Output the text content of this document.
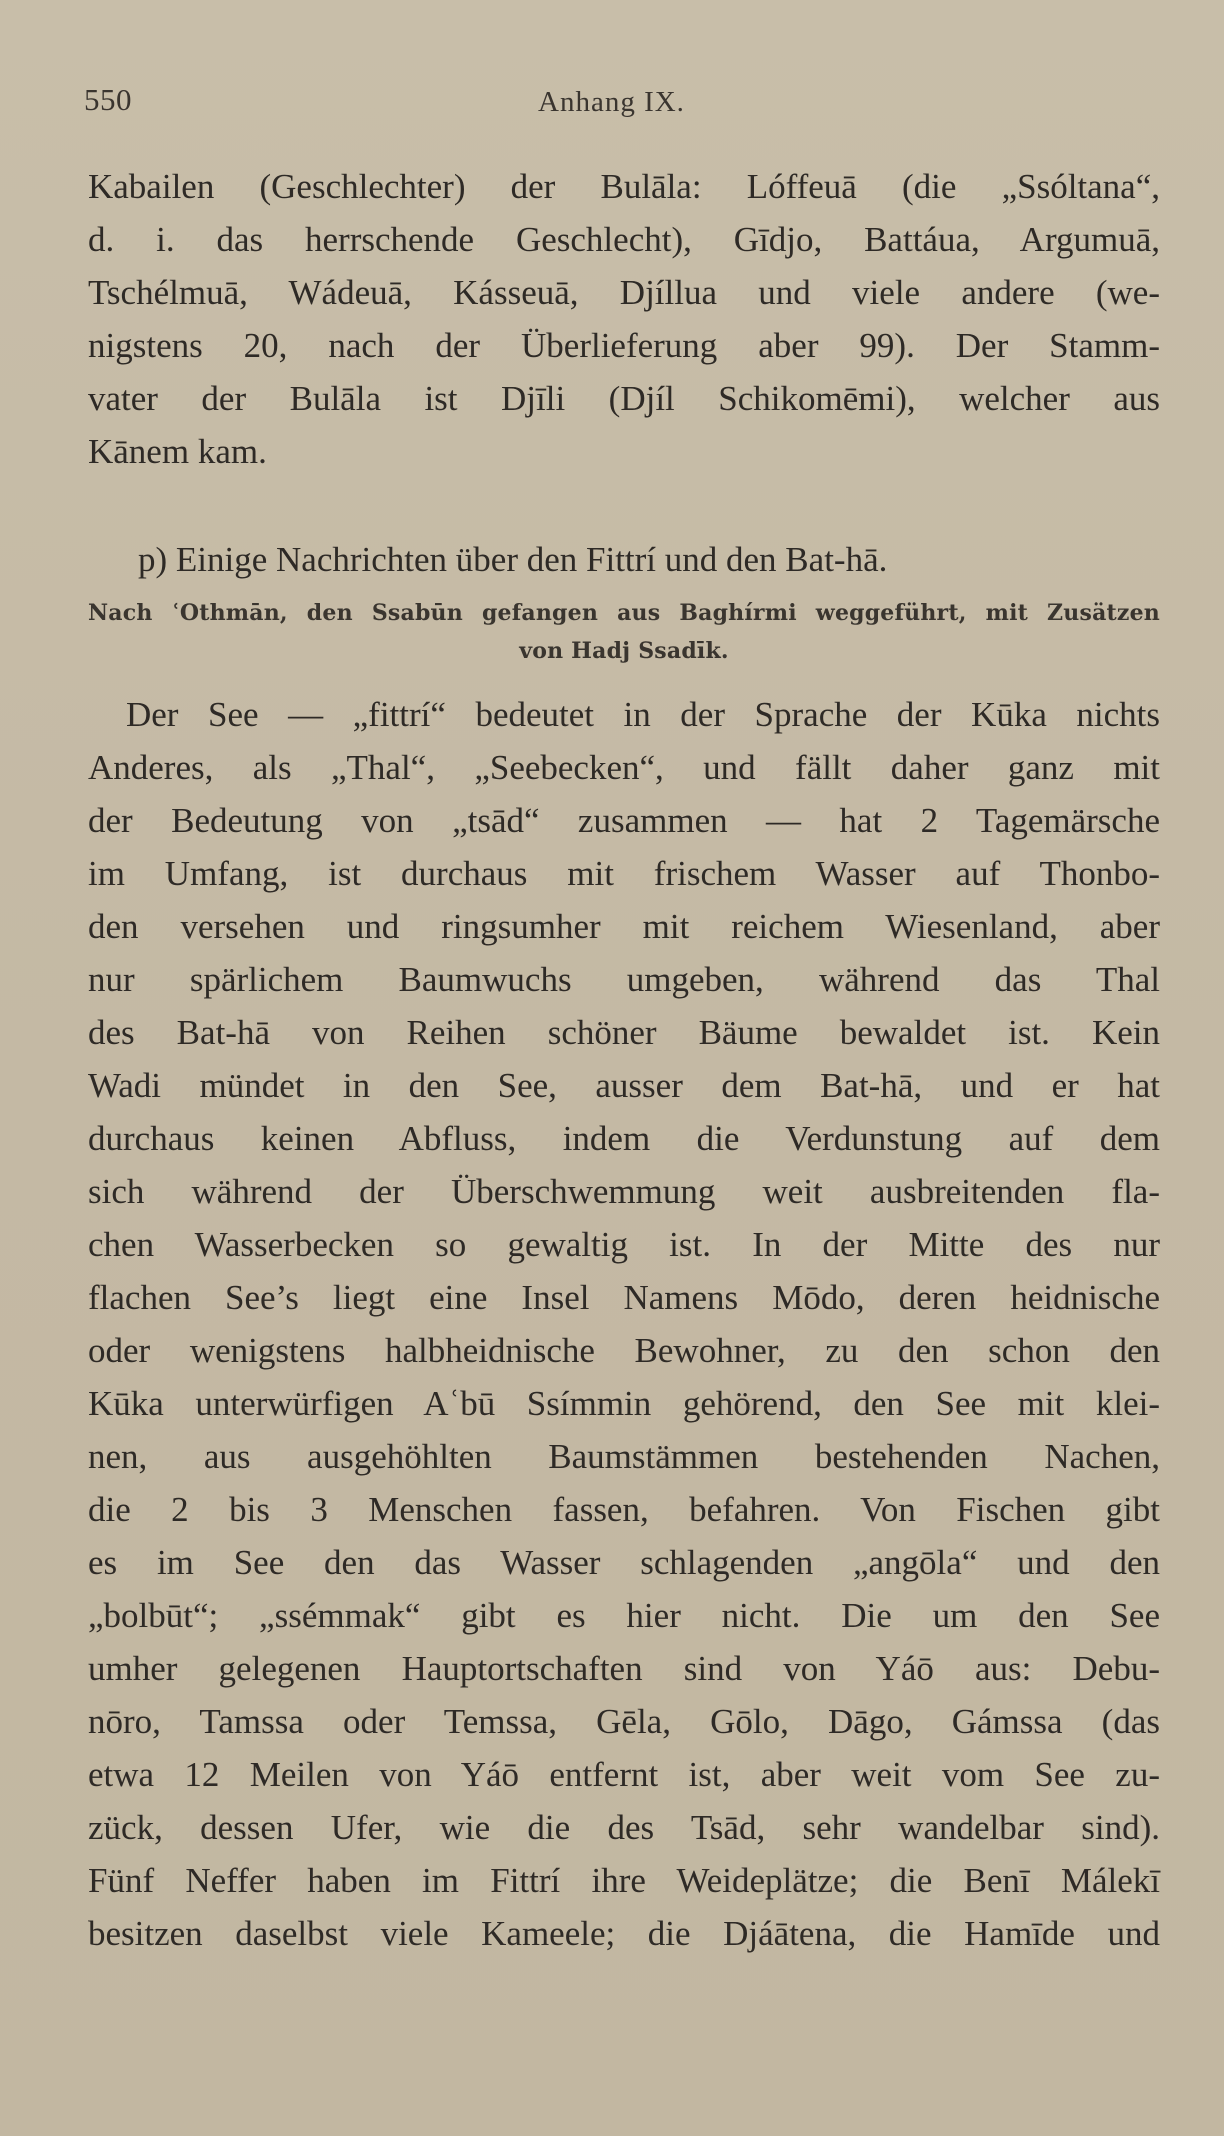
550	Anhang IX.
Kabailen (Geschlechter) der Bulāla: Lóffeuā (die „Ssóltana“,
d. i. das herrschende Geschlecht), Gīdjo, Battáua, Argumuā,
Tschélmuā, Wádeuā, Kásseuā, Djíllua und viele andere (we-
nigstens 20, nach der Überlieferung aber 99). Der Stamm-
vater der Bulāla ist Djīli (Djíl Schikomēmi), welcher aus
Kānem kam.
p) Einige Nachrichten über den Fittrí und den Bat-hā.
Nach ʿOthmān, den Ssabūn gefangen aus Baghírmi weggeführt, mit Zusätzen
von Hadj Ssadīk.
Der See — „fittrí“ bedeutet in der Sprache der Kūka nichts
Anderes, als „Thal“, „Seebecken“, und fällt daher ganz mit
der Bedeutung von „tsād“ zusammen — hat 2 Tagemärsche
im Umfang, ist durchaus mit frischem Wasser auf Thonbo-
den versehen und ringsumher mit reichem Wiesenland, aber
nur spärlichem Baumwuchs umgeben, während das Thal
des Bat-hā von Reihen schöner Bäume bewaldet ist. Kein
Wadi mündet in den See, ausser dem Bat-hā, und er hat
durchaus keinen Abfluss, indem die Verdunstung auf dem
sich während der Überschwemmung weit ausbreitenden fla-
chen Wasserbecken so gewaltig ist. In der Mitte des nur
flachen See’s liegt eine Insel Namens Mōdo, deren heidnische
oder wenigstens halbheidnische Bewohner, zu den schon den
Kūka unterwürfigen Aʿbū Ssímmin gehörend, den See mit klei-
nen, aus ausgehöhlten Baumstämmen bestehenden Nachen,
die 2 bis 3 Menschen fassen, befahren. Von Fischen gibt
es im See den das Wasser schlagenden „angōla“ und den
„bolbūt“; „ssémmak“ gibt es hier nicht. Die um den See
umher gelegenen Hauptortschaften sind von Yáō aus: Debu-
nōro, Tamssa oder Temssa, Gēla, Gōlo, Dāgo, Gámssa (das
etwa 12 Meilen von Yáō entfernt ist, aber weit vom See zu-
zück, dessen Ufer, wie die des Tsād, sehr wandelbar sind).
Fünf Neffer haben im Fittrí ihre Weideplätze; die Benī Málekī
besitzen daselbst viele Kameele; die Djáātena, die Hamīde und
